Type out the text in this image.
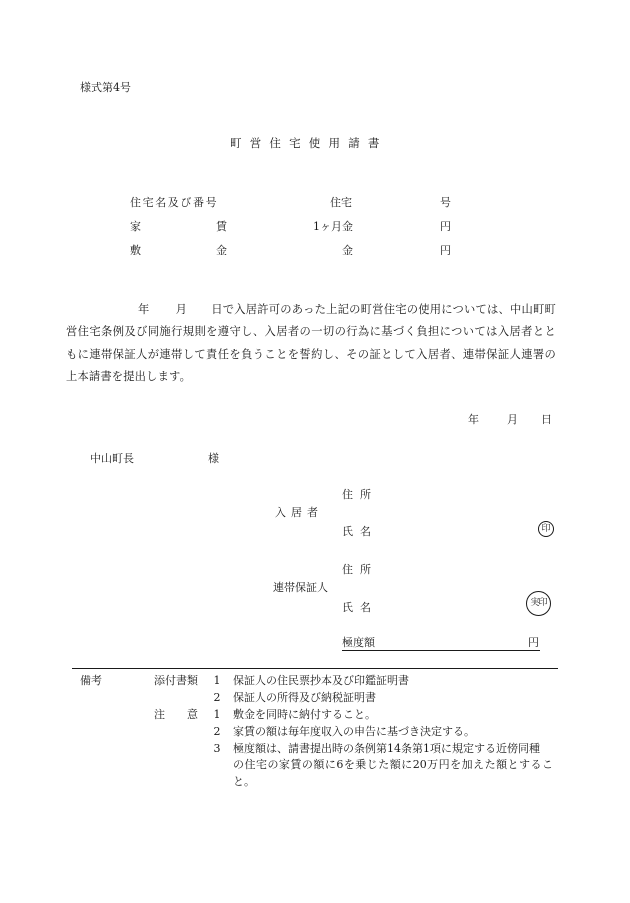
様式第4号
町営住宅使用請書
住宅名及び番号	住宅	号
家	賃	1ヶ月金	円
敷	金	金	円
年 月 日で入居許可のあった上記の町営住宅の使用については、中山町町営住宅条例及び同施行規則を遵守し、入居者の一切の行為に基づく負担については入居者とともに連帯保証人が連帯して責任を負うことを誓約し、その証として入居者、連帯保証人連署の上本請書を提出します。
年	月 日
中山町長	様
入居者
住所
氏名	印
連帯保証人
住所
氏名	実印
極度額	円
備考	添付書類 1 保証人の住民票抄本及び印鑑証明書
2 保証人の所得及び納税証明書
注 意 1 敷金を同時に納付すること。
2 家賃の額は毎年度収入の申告に基づき決定する。
3 極度額は、請書提出時の条例第14条第1項に規定する近傍同種
の住宅の家賃の額に6を乗じた額に20万円を加えた額とすること。
